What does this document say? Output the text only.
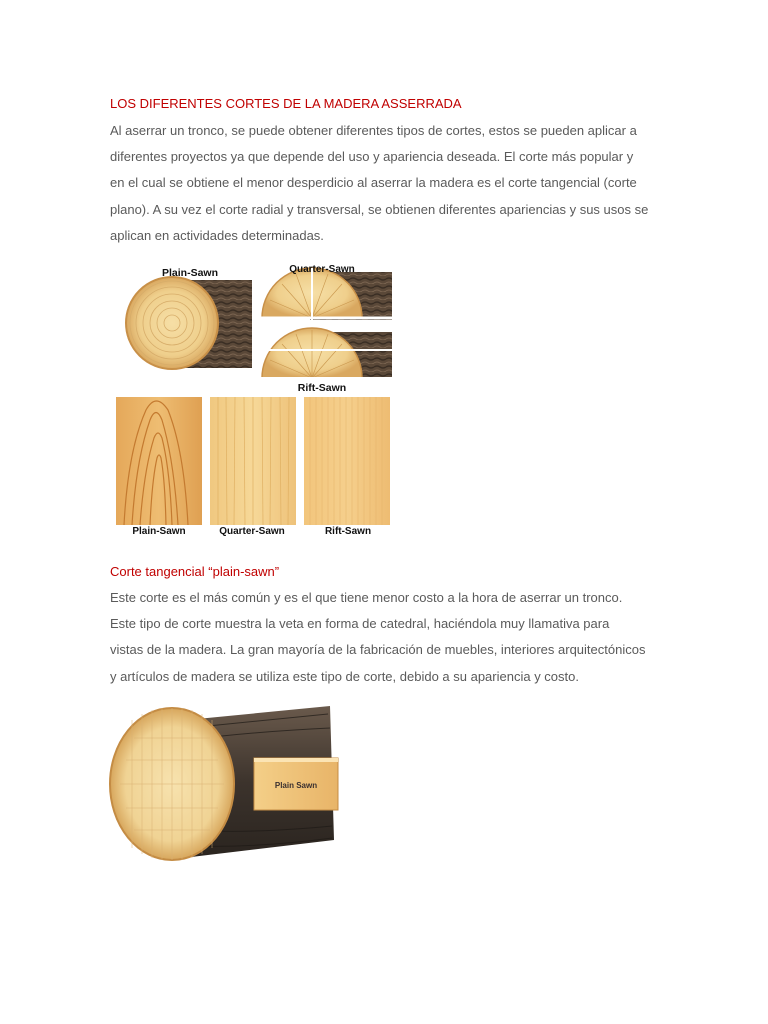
LOS DIFERENTES CORTES DE LA MADERA ASSERRADA

Al aserrar un tronco, se puede obtener diferentes tipos de cortes, estos se pueden aplicar a

diferentes proyectos ya que depende del uso y apariencia deseada. El corte más popular y

en el cual se obtiene el menor desperdicio al aserrar la madera es el corte tangencial (corte

plano). A su vez el corte radial y transversal, se obtienen diferentes apariencias y sus usos se

aplican en actividades determinadas.

Plain-Sawn	Quarter-Sawn
Rift-Sawn
Plain-Sawn	Quarter-Sawn	Rift-Sawn
Corte tangencial “plain-sawn”

Este corte es el más común y es el que tiene menor costo a la hora de aserrar un tronco.

Este tipo de corte muestra la veta en forma de catedral, haciéndola muy llamativa para

vistas de la madera. La gran mayoría de la fabricación de muebles, interiores arquitectónicos

y artículos de madera se utiliza este tipo de corte, debido a su apariencia y costo.

Plain Sawn
